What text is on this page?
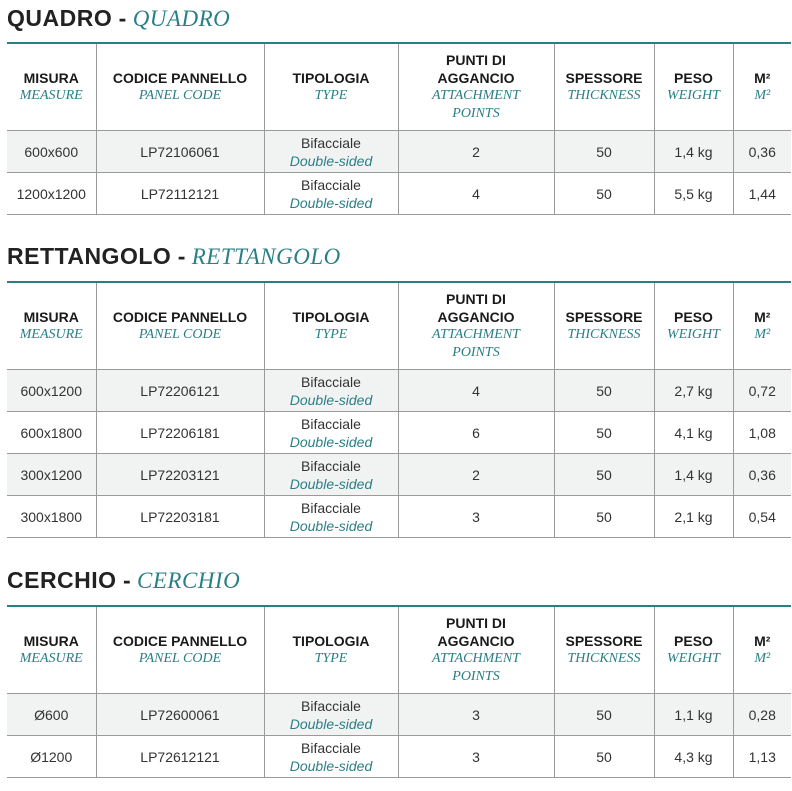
QUADRO - QUADRO
MISURA
MEASURE	CODICE PANNELLO
PANEL CODE	TIPOLOGIA
TYPE	PUNTI DI
AGGANCIO
ATTACHMENT
POINTS	SPESSORE
THICKNESS	PESO
WEIGHT	M²
M²

600x600	LP72106061	Bifacciale
Double-sided	2	50	1,4 kg	0,36
1200x1200	LP72112121	Bifacciale
Double-sided	4	50	5,5 kg	1,44
RETTANGOLO - RETTANGOLO
MISURA
MEASURE	CODICE PANNELLO
PANEL CODE	TIPOLOGIA
TYPE	PUNTI DI
AGGANCIO
ATTACHMENT
POINTS	SPESSORE
THICKNESS	PESO
WEIGHT	M²
M²

600x1200	LP72206121	Bifacciale
Double-sided	4	50	2,7 kg	0,72
600x1800	LP72206181	Bifacciale
Double-sided	6	50	4,1 kg	1,08
300x1200	LP72203121	Bifacciale
Double-sided	2	50	1,4 kg	0,36
300x1800	LP72203181	Bifacciale
Double-sided	3	50	2,1 kg	0,54
CERCHIO - CERCHIO
MISURA
MEASURE	CODICE PANNELLO
PANEL CODE	TIPOLOGIA
TYPE	PUNTI DI
AGGANCIO
ATTACHMENT
POINTS	SPESSORE
THICKNESS	PESO
WEIGHT	M²
M²

Ø600	LP72600061	Bifacciale
Double-sided	3	50	1,1 kg	0,28
Ø1200	LP72612121	Bifacciale
Double-sided	3	50	4,3 kg	1,13
